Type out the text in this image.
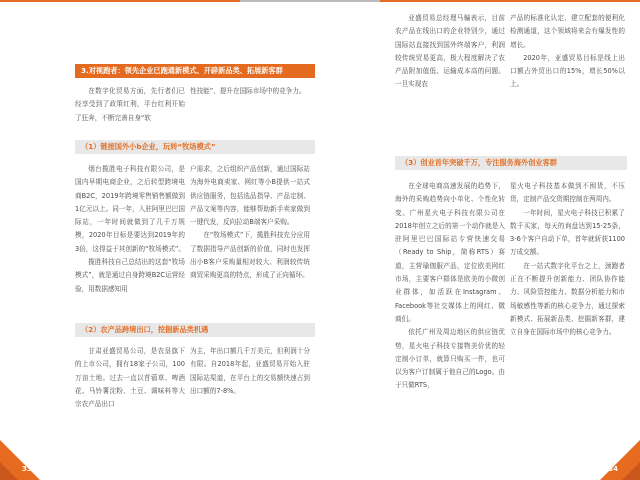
3.对视跑者：领先企业已跑通新模式、开辟新品类、拓展新客群

在数字化贸易方面，先行者们已经享受到了政策红利，平台红利开始了狂奔，不断完善自身“软

性技能”，提升在国际市场中的竞争力。

（1）链接国外小b企业，玩转“牧场模式”

烟台揽胜电子科技有限公司，是国内早期电商企业，之后转型跨境电商B2C，2019年跨境零售销售额做到1亿元以上。同一年，入驻阿里巴巴国际站，一年时间就做到了几千万规模，2020年目标是要达到2019年的3倍，这得益于其创新的“牧场模式”。

揽胜科技自己总结出的这套“牧场模式”，就是通过自身跨境B2C运营经验，用数据感知用

户需求，之后组织产品创新，通过国际站为海外电商卖家、网红等小B提供一站式供应链服务，包括选品指导、产品定制、产品文案等内容，能够帮助新手卖家做到一键代发，反向拉动B端客户采购。

在“牧场模式”下，揽胜科技充分应用了数据指导产品创新的价值，同时也发挥出小B客户采购量相对较大、利润较传统商贸采购更高的特点，形成了正向循环。

（2）农产品跨境出口，挖掘新品类机遇

甘肃亚盛贸易公司，是农垦旗下的上市公司，拥有18家子公司，100万亩土地。过去一直以苜蓿草、啤酒花、马铃薯淀粉、土豆、调味料等大宗农产品出口

为主，年出口额几千万美元，但利润十分有限。自2018年起，亚盛贸易开始入驻国际站渠道，在平台上的交易额快速占到出口额的7-8%。

33

亚盛贸易总经理马骗表示，目前农产品在线出口的企业特别少，通过国际站直接找到国外终端客户，利润较传统贸易更高，极大程度解决了农产品附加值低、运输成本高的问题。一旦实现农

产品的标准化认定、建立配套的便利化检测通道，这个领域将来会有爆发性的增长。

2020年，亚盛贸易目标是线上出口额占外贸出口的15%，增长50%以上。

（3）创业首年突破千万，专注服务海外创业客群

在全球电商高速发展的趋势下，海外的采购趋势向小单化、个性化转变。广州星火电子科技有限公司在2018年创立之后的第一个动作就是入驻阿里巴巴国际站专营快速交易（Ready to Ship，简称RTS）赛道，主营瑜伽服产品，定位欧美网红市场，主要客户群体是欧美的小微创业群体，如活跃在Instagram、Facebook等社交媒体上的网红、微商们。

依托广州及周边地区的供应链优势，星火电子科技专接物美价优的轻定制小订单，就算只购买一件，也可以为客户订制属于他自己的Logo。由于只做RTS，

星火电子科技基本做到不囤货，不压货，定制产品交货期控制在两周内。

一年时间，星火电子科技已积累了数千买家，每天的询盘达到15-25条，3-6个客户自动下单，首年就斩获1100万成交额。

在一站式数字化平台之上，颈跑者正在不断提升创新能力、团队协作能力、风险管控能力、数据分析能力和市场敏感性等新的核心竞争力，通过探索新模式、拓展新品类、挖掘新客群，建立自身在国际市场中的核心竞争力。

34
